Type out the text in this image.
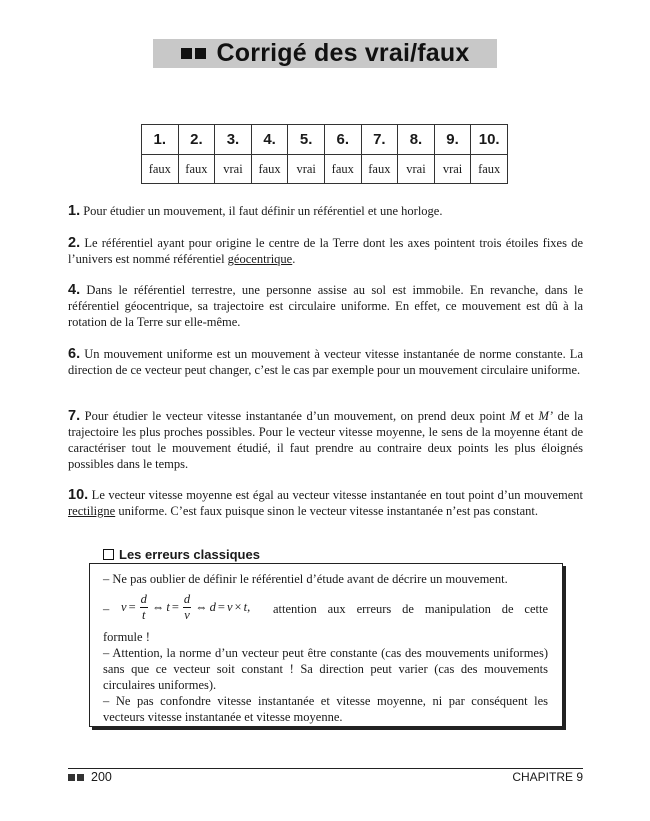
Corrigé des vrai/faux
1.	2.	3.	4.	5.	6.	7.	8.	9.	10.
faux	faux	vrai	faux	vrai	faux	faux	vrai	vrai	faux
1. Pour étudier un mouvement, il faut définir un référentiel et une horloge.
2. Le référentiel ayant pour origine le centre de la Terre dont les axes pointent trois étoiles fixes de l’univers est nommé référentiel géocentrique.
4. Dans le référentiel terrestre, une personne assise au sol est immobile. En revanche, dans le référentiel géocentrique, sa trajectoire est circulaire uniforme. En effet, ce mouvement est dû à la rotation de la Terre sur elle-même.
6. Un mouvement uniforme est un mouvement à vecteur vitesse instantanée de norme constante. La direction de ce vecteur peut changer, c’est le cas par exemple pour un mouvement circulaire uniforme.
7. Pour étudier le vecteur vitesse instantanée d’un mouvement, on prend deux point M et M’ de la trajectoire les plus proches possibles. Pour le vecteur vitesse moyenne, le sens de la moyenne étant de caractériser tout le mouvement étudié, il faut prendre au contraire deux points les plus éloignés possibles dans le temps.
10. Le vecteur vitesse moyenne est égal au vecteur vitesse instantanée en tout point d’un mouvement rectiligne uniforme. C’est faux puisque sinon le vecteur vitesse instantanée n’est pas constant.
Les erreurs classiques

– Ne pas oublier de définir le référentiel d’étude avant de décrire un mouvement.

– $v = \frac{d}{t}$ ⇔ $t = \frac{d}{v}$ ⇔ d = v × t , attention aux erreurs de manipulation de cette

formule !

– Attention, la norme d’un vecteur peut être constante (cas des mouvements uniformes) sans que ce vecteur soit constant ! Sa direction peut varier (cas des mouvements circulaires uniformes).

– Ne pas confondre vitesse instantanée et vitesse moyenne, ni par conséquent les vecteurs vitesse instantanée et vitesse moyenne.

200	CHAPITRE 9
